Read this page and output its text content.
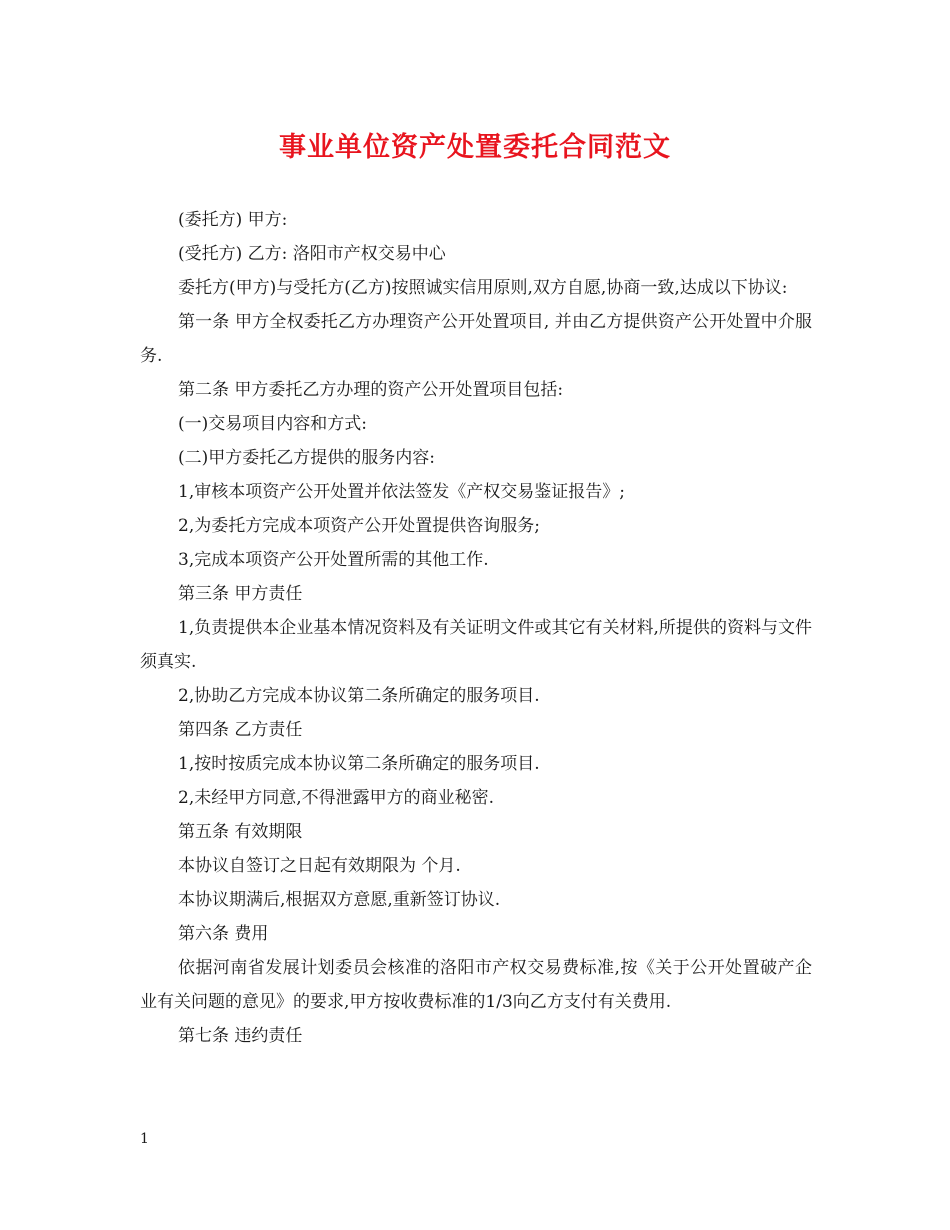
事业单位资产处置委托合同范文

(委托方) 甲方:

(受托方) 乙方: 洛阳市产权交易中心

委托方(甲方)与受托方(乙方)按照诚实信用原则,双方自愿,协商一致,达成以下协议:

第一条 甲方全权委托乙方办理资产公开处置项目, 并由乙方提供资产公开处置中介服务.

第二条 甲方委托乙方办理的资产公开处置项目包括:

(一)交易项目内容和方式:

(二)甲方委托乙方提供的服务内容:

1,审核本项资产公开处置并依法签发《产权交易鉴证报告》;

2,为委托方完成本项资产公开处置提供咨询服务;

3,完成本项资产公开处置所需的其他工作.

第三条 甲方责任

1,负责提供本企业基本情况资料及有关证明文件或其它有关材料,所提供的资料与文件须真实.

2,协助乙方完成本协议第二条所确定的服务项目.

第四条 乙方责任

1,按时按质完成本协议第二条所确定的服务项目.

2,未经甲方同意,不得泄露甲方的商业秘密.

第五条 有效期限

本协议自签订之日起有效期限为 个月.

本协议期满后,根据双方意愿,重新签订协议.

第六条 费用

依据河南省发展计划委员会核准的洛阳市产权交易费标准,按《关于公开处置破产企业有关问题的意见》的要求,甲方按收费标准的1/3向乙方支付有关费用.

第七条 违约责任

1
